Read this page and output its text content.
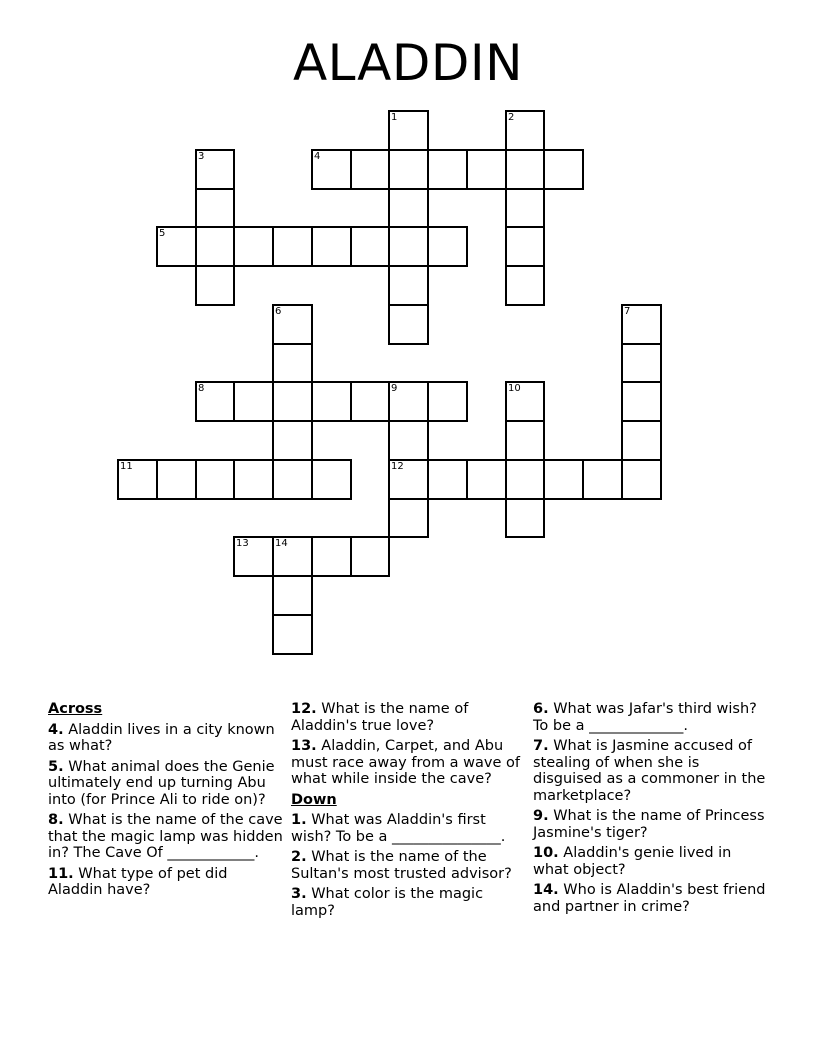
ALADDIN
1	2
3	4
5
6	7
8	9
12
10
11
13	14
Across
4. Aladdin lives in a city known as what?
5. What animal does the Genie ultimately end up turning Abu into (for Prince Ali to ride on)?
8. What is the name of the cave that the magic lamp was hidden in? The Cave Of ____________.
11. What type of pet did Aladdin have?
12. What is the name of Aladdin's true love?
13. Aladdin, Carpet, and Abu must race away from a wave of what while inside the cave?
Down
1. What was Aladdin's first wish? To be a _______________.
2. What is the name of the Sultan's most trusted advisor?
3. What color is the magic lamp?
6. What was Jafar's third wish? To be a _____________.
7. What is Jasmine accused of stealing of when she is disguised as a commoner in the marketplace?
9. What is the name of Princess Jasmine's tiger?
10. Aladdin's genie lived in what object?
14. Who is Aladdin's best friend and partner in crime?
